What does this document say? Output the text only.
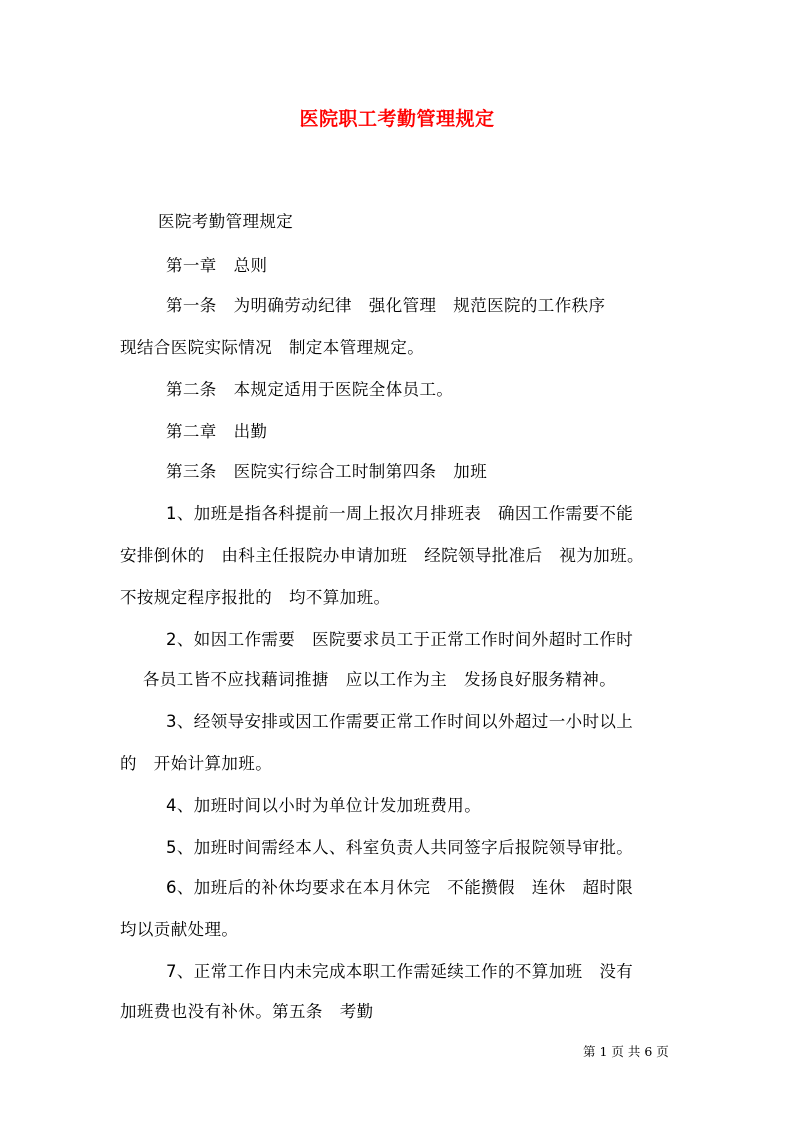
医院职工考勤管理规定
医院考勤管理规定
第一章　总则
第一条　为明确劳动纪律　强化管理　规范医院的工作秩序
现结合医院实际情况　制定本管理规定。
第二条　本规定适用于医院全体员工。
第二章　出勤
第三条　医院实行综合工时制第四条　加班
1、加班是指各科提前一周上报次月排班表　确因工作需要不能
安排倒休的　由科主任报院办申请加班　经院领导批准后　视为加班。
不按规定程序报批的　均不算加班。
2、如因工作需要　医院要求员工于正常工作时间外超时工作时
　各员工皆不应找藉词推搪　应以工作为主　发扬良好服务精神。
3、经领导安排或因工作需要正常工作时间以外超过一小时以上
的　开始计算加班。
4、加班时间以小时为单位计发加班费用。
5、加班时间需经本人、科室负责人共同签字后报院领导审批。
6、加班后的补休均要求在本月休完　不能攒假　连休　超时限
均以贡献处理。
7、正常工作日内未完成本职工作需延续工作的不算加班　没有
加班费也没有补休。第五条　考勤
第 1 页 共 6 页
